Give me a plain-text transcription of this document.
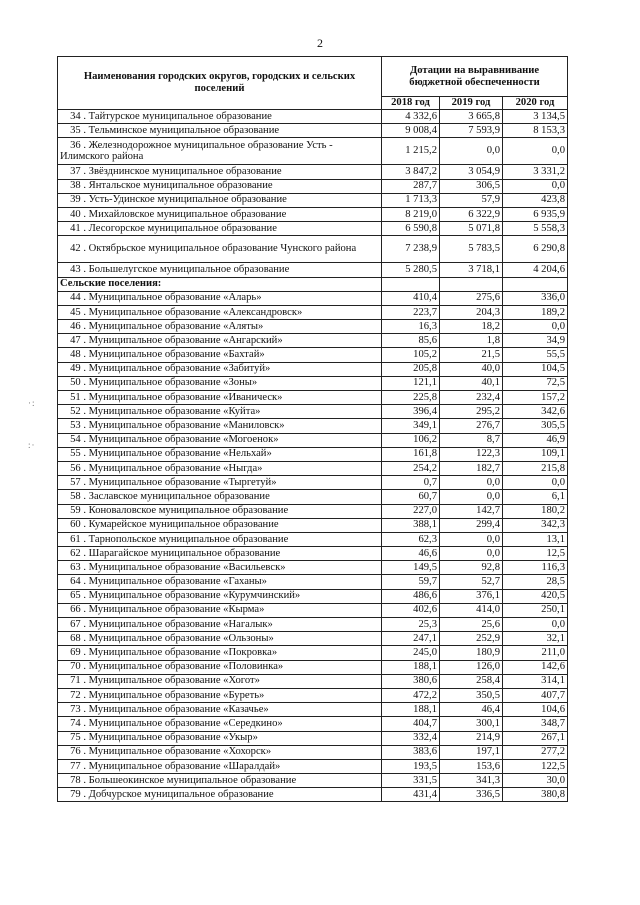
2
Наименования городских округов, городских и сельских поселений	Дотации на выравнивание бюджетной обеспеченности		
	2018 год	2019 год	2020 год
34 . Тайтурское муниципальное образование	4 332,6	3 665,8	3 134,5
35 . Тельминское муниципальное образование	9 008,4	7 593,9	8 153,3
36 . Железнодорожное муниципальное образование Усть - Илимского района	1 215,2	0,0	0,0
37 . Звёзднинское муниципальное образование	3 847,2	3 054,9	3 331,2
38 . Янтальское муниципальное образование	287,7	306,5	0,0
39 . Усть-Удинское муниципальное образование	1 713,3	57,9	423,8
40 . Михайловское муниципальное образование	8 219,0	6 322,9	6 935,9
41 . Лесогорское муниципальное образование	6 590,8	5 071,8	5 558,3
42 . Октябрьское муниципальное образование Чунского района	7 238,9	5 783,5	6 290,8
43 . Большелугское муниципальное образование	5 280,5	3 718,1	4 204,6
Сельские поселения:			
44 . Муниципальное образование «Аларь»	410,4	275,6	336,0
45 . Муниципальное образование «Александровск»	223,7	204,3	189,2
46 . Муниципальное образование «Аляты»	16,3	18,2	0,0
47 . Муниципальное образование «Ангарский»	85,6	1,8	34,9
48 . Муниципальное образование «Бахтай»	105,2	21,5	55,5
49 . Муниципальное образование «Забитуй»	205,8	40,0	104,5
50 . Муниципальное образование «Зоны»	121,1	40,1	72,5
51 . Муниципальное образование «Иваническ»	225,8	232,4	157,2
52 . Муниципальное образование «Куйта»	396,4	295,2	342,6
53 . Муниципальное образование «Маниловск»	349,1	276,7	305,5
54 . Муниципальное образование «Могоенок»	106,2	8,7	46,9
55 . Муниципальное образование «Нельхай»	161,8	122,3	109,1
56 . Муниципальное образование «Ныгда»	254,2	182,7	215,8
57 . Муниципальное образование «Тыргетуй»	0,7	0,0	0,0
58 . Заславское муниципальное образование	60,7	0,0	6,1
59 . Коноваловское муниципальное образование	227,0	142,7	180,2
60 . Кумарейское муниципальное образование	388,1	299,4	342,3
61 . Тарнопольское муниципальное образование	62,3	0,0	13,1
62 . Шарагайское муниципальное образование	46,6	0,0	12,5
63 . Муниципальное образование «Васильевск»	149,5	92,8	116,3
64 . Муниципальное образование «Гаханы»	59,7	52,7	28,5
65 . Муниципальное образование «Курумчинский»	486,6	376,1	420,5
66 . Муниципальное образование «Кырма»	402,6	414,0	250,1
67 . Муниципальное образование «Нагалык»	25,3	25,6	0,0
68 . Муниципальное образование «Ользоны»	247,1	252,9	32,1
69 . Муниципальное образование «Покровка»	245,0	180,9	211,0
70 . Муниципальное образование «Половинка»	188,1	126,0	142,6
71 . Муниципальное образование «Хогот»	380,6	258,4	314,1
72 . Муниципальное образование «Буреть»	472,2	350,5	407,7
73 . Муниципальное образование «Казачье»	188,1	46,4	104,6
74 . Муниципальное образование «Середкино»	404,7	300,1	348,7
75 . Муниципальное образование «Укыр»	332,4	214,9	267,1
76 . Муниципальное образование «Хохорск»	383,6	197,1	277,2
77 . Муниципальное образование «Шаралдай»	193,5	153,6	122,5
78 . Большеокинское муниципальное образование	331,5	341,3	30,0
79 . Добчурское муниципальное образование	431,4	336,5	380,8
·:
:·
